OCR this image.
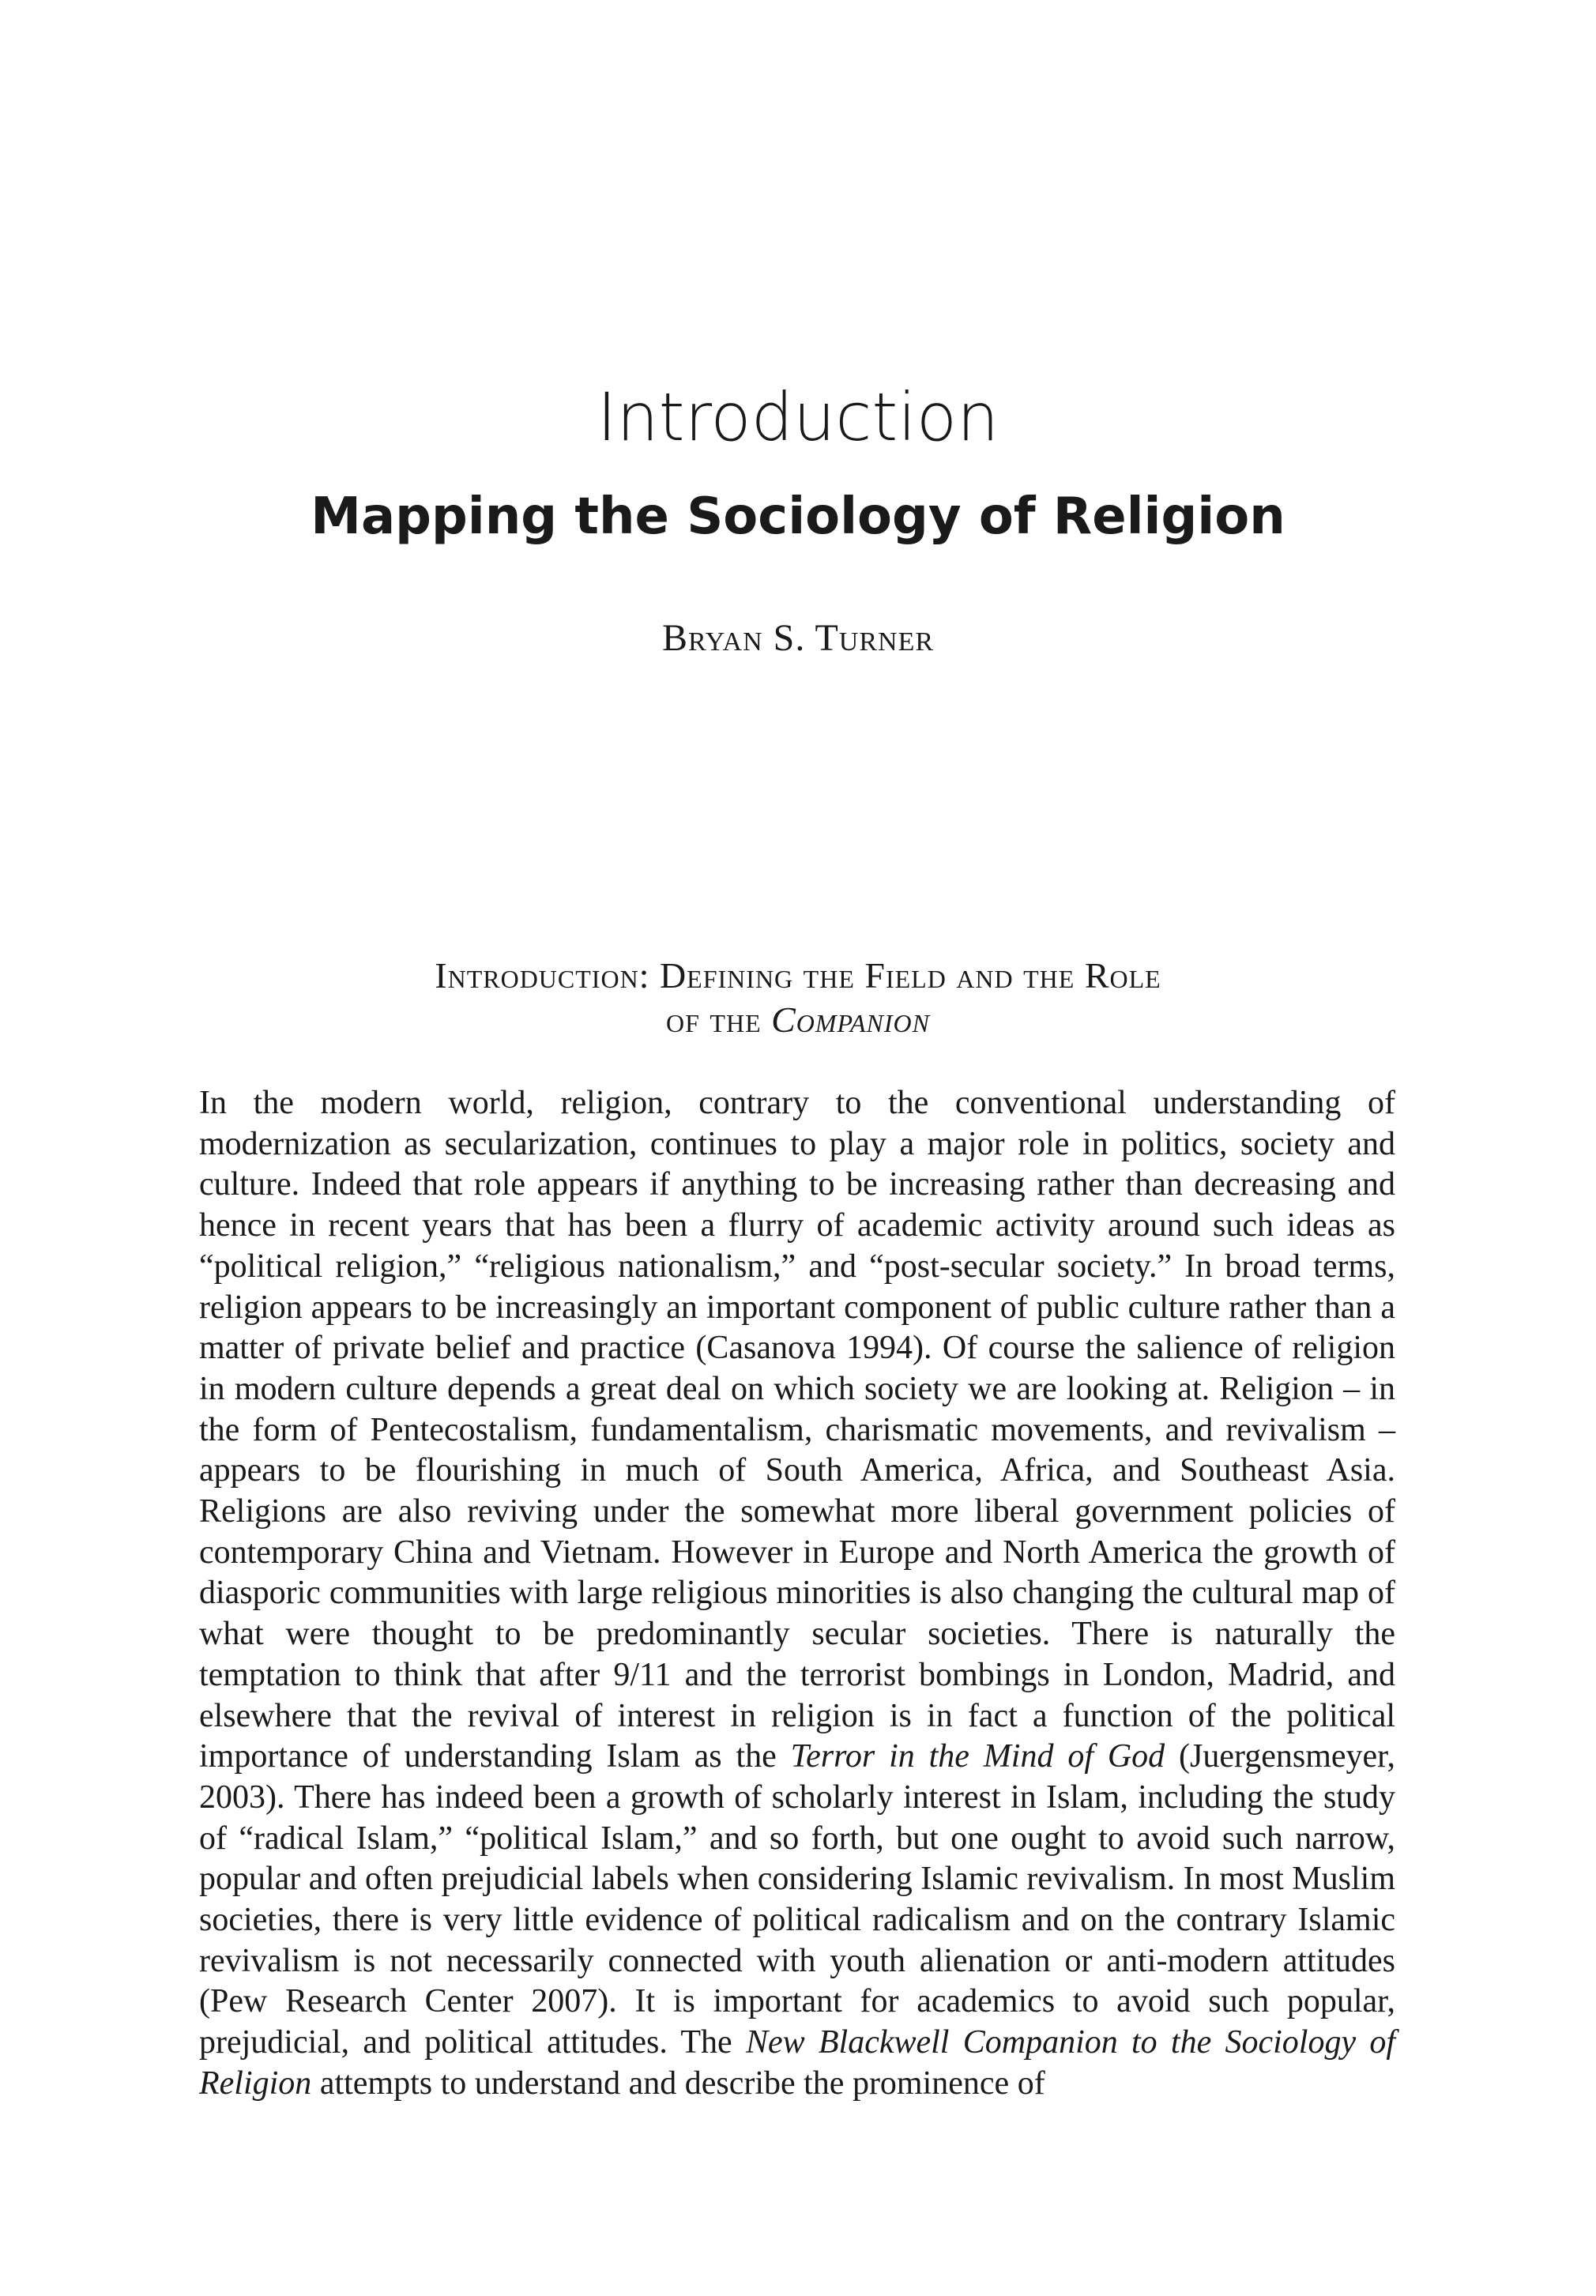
Introduction
Mapping the Sociology of Religion
Bryan S. Turner
Introduction: Defining the Field and the Role
of the Companion

In the modern world, religion, contrary to the conventional understanding of modernization as secularization, continues to play a major role in politics, society and culture. Indeed that role appears if anything to be increasing rather than decreasing and hence in recent years that has been a flurry of academic activity around such ideas as “political religion,” “religious nationalism,” and “post-secular society.” In broad terms, religion appears to be increasingly an important component of public culture rather than a matter of private belief and practice (Casanova 1994). Of course the salience of religion in modern culture depends a great deal on which society we are looking at. Religion – in the form of Pentecostalism, fundamentalism, charismatic movements, and revivalism – appears to be flourishing in much of South America, Africa, and Southeast Asia. Religions are also reviving under the somewhat more liberal government policies of contemporary China and Vietnam. However in Europe and North America the growth of diasporic communities with large religious minorities is also changing the cultural map of what were thought to be predominantly secular societies. There is naturally the temptation to think that after 9/11 and the terrorist bombings in London, Madrid, and elsewhere that the revival of interest in religion is in fact a function of the political importance of understanding Islam as the Terror in the Mind of God (Juergensmeyer, 2003). There has indeed been a growth of scholarly interest in Islam, including the study of “radical Islam,” “political Islam,” and so forth, but one ought to avoid such narrow, popular and often prejudicial labels when considering Islamic revivalism. In most Muslim societies, there is very little evidence of political radicalism and on the contrary Islamic revivalism is not necessarily connected with youth alienation or anti-modern attitudes (Pew Research Center 2007). It is important for academics to avoid such popular, prejudicial, and political attitudes. The New Blackwell Companion to the Sociology of Religion attempts to understand and describe the prominence of
